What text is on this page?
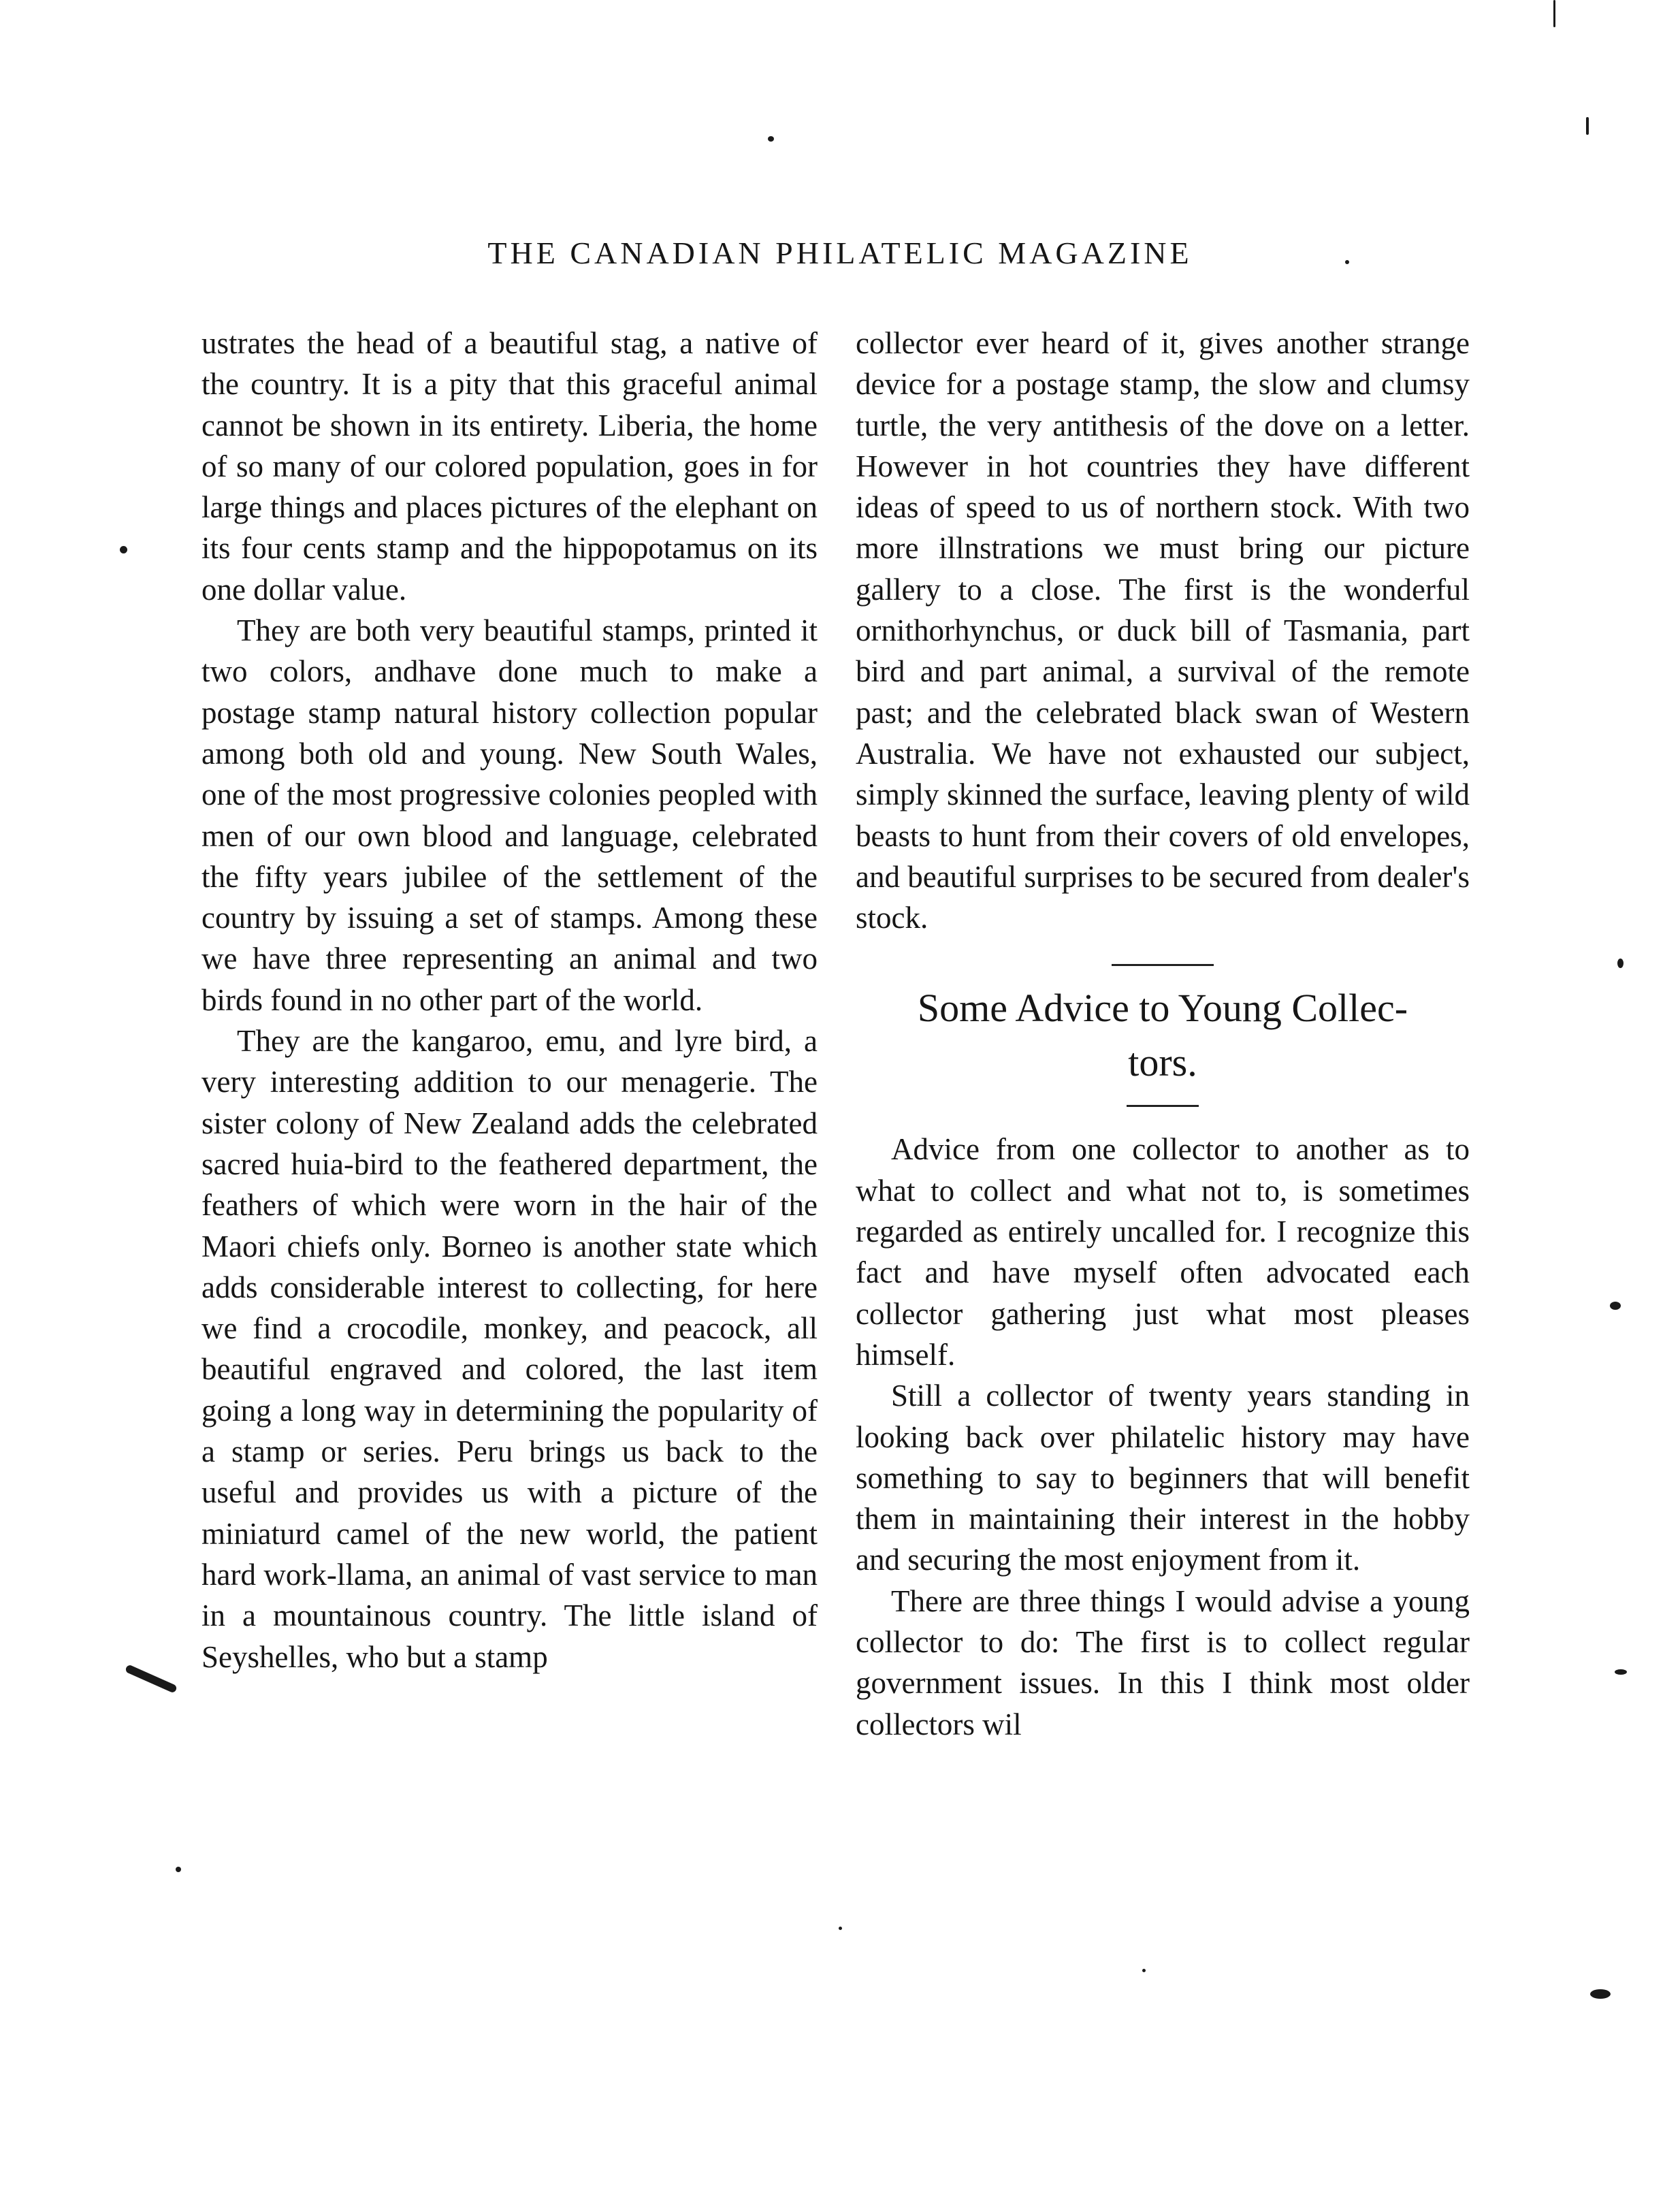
THE CANADIAN PHILATELIC MAGAZINE

ustrates the head of a beautiful stag, a native of the country. It is a pity that this graceful animal cannot be shown in its entirety. Liberia, the home of so many of our colored population, goes in for large things and places pictures of the elephant on its four cents stamp and the hippopotamus on its one dollar value.

They are both very beautiful stamps, printed it two colors, andhave done much to make a postage stamp natural history collection popular among both old and young. New South Wales, one of the most progressive colonies peopled with men of our own blood and language, celebrated the fifty years jubilee of the settlement of the country by issuing a set of stamps. Among these we have three representing an animal and two birds found in no other part of the world.

They are the kangaroo, emu, and lyre bird, a very interesting addition to our menagerie. The sister colony of New Zealand adds the celebrated sacred huia-bird to the feathered department, the feathers of which were worn in the hair of the Maori chiefs only. Borneo is another state which adds considerable interest to collecting, for here we find a crocodile, monkey, and peacock, all beautiful engraved and colored, the last item going a long way in determining the popularity of a stamp or series. Peru brings us back to the useful and provides us with a picture of the miniaturd camel of the new world, the patient hard work-llama, an animal of vast service to man in a mountainous country. The little island of Seyshelles, who but a stamp

collector ever heard of it, gives another strange device for a postage stamp, the slow and clumsy turtle, the very antithesis of the dove on a letter. However in hot countries they have different ideas of speed to us of northern stock. With two more illnstrations we must bring our picture gallery to a close. The first is the wonderful ornithorhynchus, or duck bill of Tasmania, part bird and part animal, a survival of the remote past; and the celebrated black swan of Western Australia. We have not exhausted our subject, simply skinned the surface, leaving plenty of wild beasts to hunt from their covers of old envelopes, and beautiful surprises to be secured from dealer's stock.

Some Advice to Young Collec-
tors.

Advice from one collector to another as to what to collect and what not to, is sometimes regarded as entirely uncalled for. I recognize this fact and have myself often advocated each collector gathering just what most pleases himself.

Still a collector of twenty years standing in looking back over philatelic history may have something to say to beginners that will benefit them in maintaining their interest in the hobby and securing the most enjoyment from it.

There are three things I would advise a young collector to do: The first is to collect regular government issues. In this I think most older collectors wil
